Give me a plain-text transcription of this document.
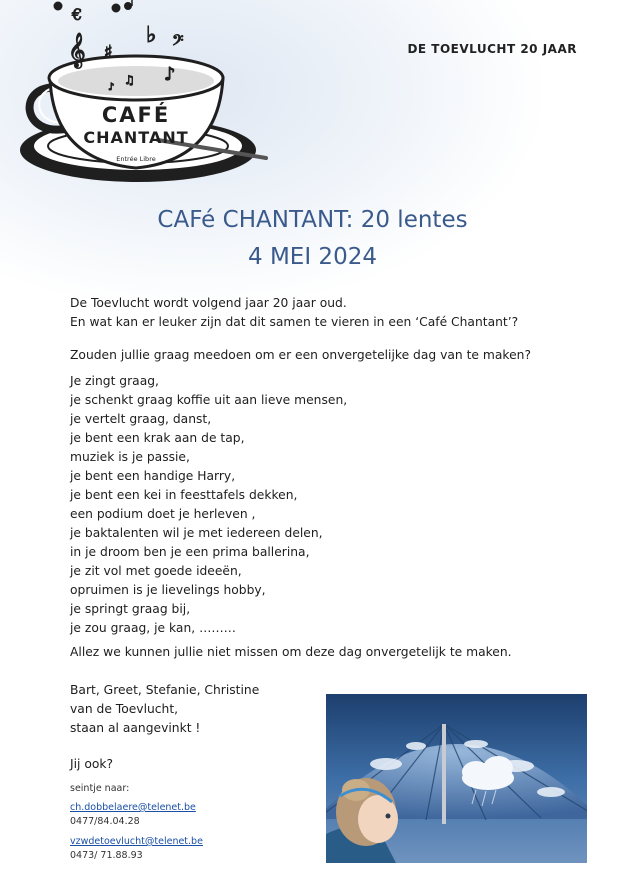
€
𝄞 ♯
♭ 𝄢
♪
♫
♪
CAFÉ
CHANTANT
Entrée Libre
DE TOEVLUCHT 20 JAAR
CAFé CHANTANT: 20 lentes
4 MEI 2024
De Toevlucht wordt volgend jaar 20 jaar oud.
En wat kan er leuker zijn dat dit samen te vieren in een ‘Café Chantant’?
Zouden jullie graag meedoen om er een onvergetelijke dag van te maken?
Je zingt graag,
je schenkt graag koffie uit aan lieve mensen,
je vertelt graag, danst,
je bent een krak aan de tap,
muziek is je passie,
je bent een handige Harry,
je bent een kei in feesttafels dekken,
een podium doet je herleven ,
je baktalenten wil je met iedereen delen,
in je droom ben je een prima ballerina,
je zit vol met goede ideeën,
opruimen is je lievelings hobby,
je springt graag bij,
je zou graag, je kan, ………
Allez we kunnen jullie niet missen om deze dag onvergetelijk te maken.
Bart, Greet, Stefanie, Christine
van de Toevlucht,
staan al aangevinkt !
Jij ook?
seintje naar:
ch.dobbelaere@telenet.be
0477/84.04.28
vzwdetoevlucht@telenet.be
0473/ 71.88.93
